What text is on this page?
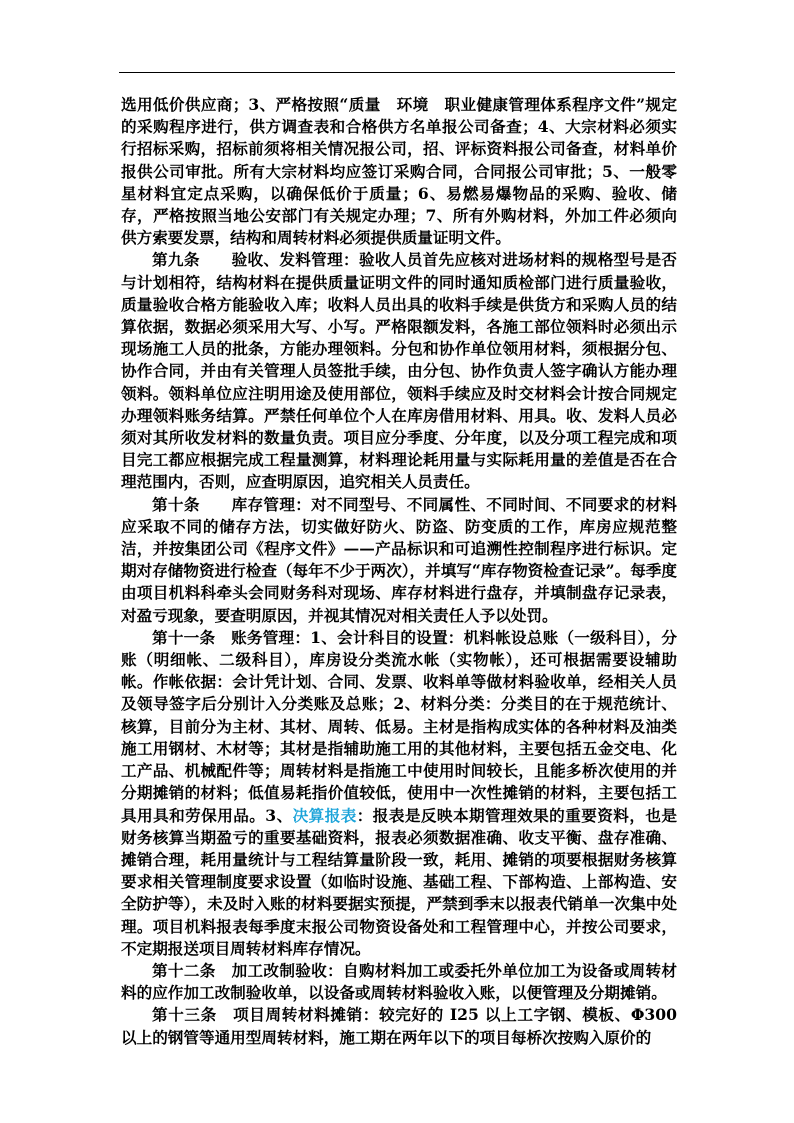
选用低价供应商；3、严格按照“质量　环境　职业健康管理体系程序文件”规定的采购程序进行，供方调查表和合格供方名单报公司备查；4、大宗材料必须实行招标采购，招标前须将相关情况报公司，招、评标资料报公司备查，材料单价报供公司审批。所有大宗材料均应签订采购合同，合同报公司审批；5、一般零星材料宜定点采购，以确保低价于质量；6、易燃易爆物品的采购、验收、储存，严格按照当地公安部门有关规定办理；7、所有外购材料，外加工件必须向供方索要发票，结构和周转材料必须提供质量证明文件。

第九条　　验收、发料管理：验收人员首先应核对进场材料的规格型号是否与计划相符，结构材料在提供质量证明文件的同时通知质检部门进行质量验收，质量验收合格方能验收入库；收料人员出具的收料手续是供货方和采购人员的结算依据，数据必须采用大写、小写。严格限额发料，各施工部位领料时必须出示现场施工人员的批条，方能办理领料。分包和协作单位领用材料，须根据分包、协作合同，并由有关管理人员签批手续，由分包、协作负责人签字确认方能办理领料。领料单位应注明用途及使用部位，领料手续应及时交材料会计按合同规定办理领料账务结算。严禁任何单位个人在库房借用材料、用具。收、发料人员必须对其所收发材料的数量负责。项目应分季度、分年度，以及分项工程完成和项目完工都应根据完成工程量测算，材料理论耗用量与实际耗用量的差值是否在合理范围内，否则，应查明原因，追究相关人员责任。

第十条　　库存管理：对不同型号、不同属性、不同时间、不同要求的材料应采取不同的储存方法，切实做好防火、防盗、防变质的工作，库房应规范整洁，并按集团公司《程序文件》——产品标识和可追溯性控制程序进行标识。定期对存储物资进行检查（每年不少于两次），并填写“库存物资检查记录”。每季度由项目机料科牵头会同财务科对现场、库存材料进行盘存，并填制盘存记录表，对盈亏现象，要查明原因，并视其情况对相关责任人予以处罚。

第十一条　账务管理：1、会计科目的设置：机料帐设总账（一级科目），分账（明细帐、二级科目），库房设分类流水帐（实物帐），还可根据需要设辅助帐。作帐依据：会计凭计划、合同、发票、收料单等做材料验收单，经相关人员及领导签字后分别计入分类账及总账；2、材料分类：分类目的在于规范统计、核算，目前分为主材、其材、周转、低易。主材是指构成实体的各种材料及油类施工用钢材、木材等；其材是指辅助施工用的其他材料，主要包括五金交电、化工产品、机械配件等；周转材料是指施工中使用时间较长，且能多桥次使用的并分期摊销的材料；低值易耗指价值较低，使用中一次性摊销的材料，主要包括工具用具和劳保用品。3、决算报表：报表是反映本期管理效果的重要资料，也是财务核算当期盈亏的重要基础资料，报表必须数据准确、收支平衡、盘存准确、摊销合理，耗用量统计与工程结算量阶段一致，耗用、摊销的项要根据财务核算要求相关管理制度要求设置（如临时设施、基础工程、下部构造、上部构造、安全防护等），未及时入账的材料要据实预提，严禁到季末以报表代销单一次集中处理。项目机料报表每季度末报公司物资设备处和工程管理中心，并按公司要求，不定期报送项目周转材料库存情况。

第十二条　加工改制验收：自购材料加工或委托外单位加工为设备或周转材料的应作加工改制验收单，以设备或周转材料验收入账，以便管理及分期摊销。

第十三条　项目周转材料摊销：较完好的 I25 以上工字钢、模板、Φ300 以上的钢管等通用型周转材料，施工期在两年以下的项目每桥次按购入原价的
